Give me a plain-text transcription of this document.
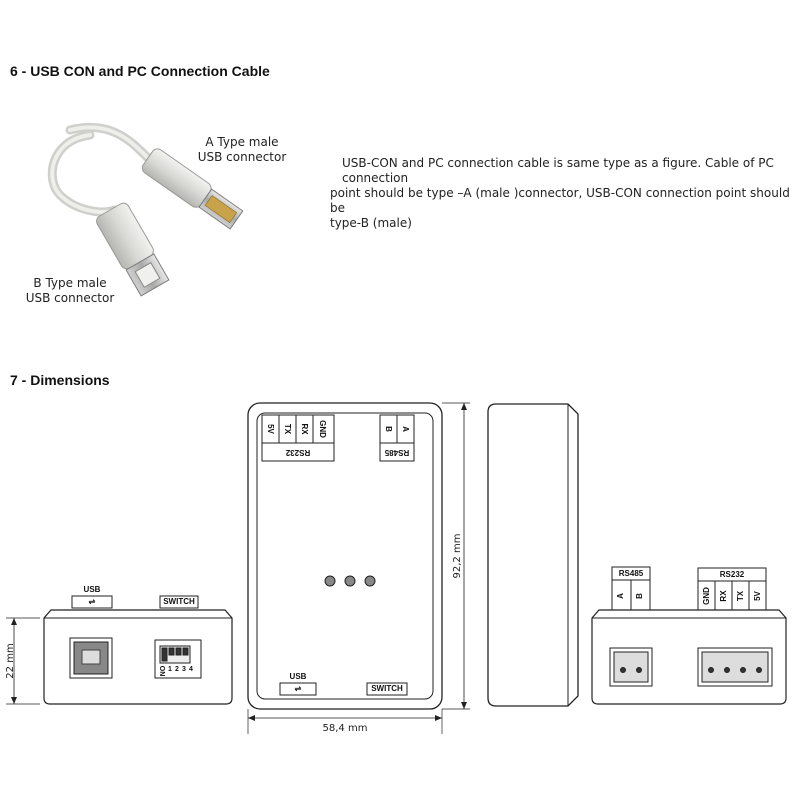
6 - USB CON and PC Connection Cable
A Type male
USB connector
B Type male
USB connector

USB-CON and PC connection cable is same type as a figure. Cable of PC connection

point should be type –A (male )connector, USB-CON connection point should be

type-B (male)

7 - Dimensions
USB
⇌	SWITCH
ON 1 2 3 4
22 mm
RS232
5V TX RX GND
RS485
B A
USB
⇌	SWITCH
92,2 mm
58,4 mm
RS485
A B
RS232
GND RX TX 5V
